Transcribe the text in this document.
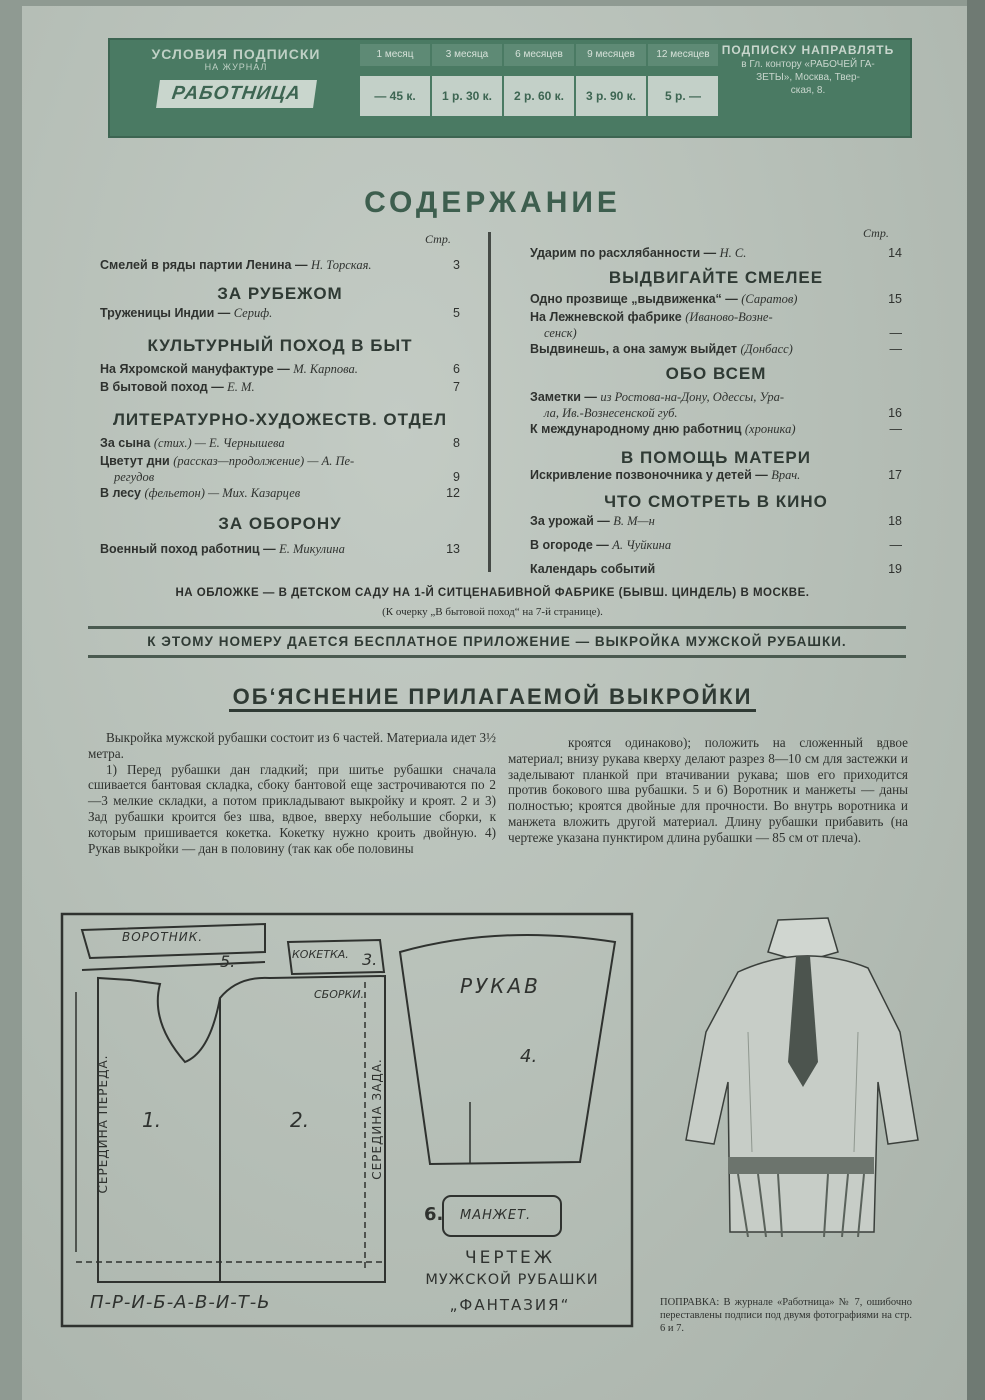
УСЛОВИЯ ПОДПИСКИ
НА ЖУРНАЛ
РАБОТНИЦА
1 месяц	3 месяца	6 месяцев	9 месяцев	12 месяцев
— 45 к.	1 р. 30 к.	2 р. 60 к.	3 р. 90 к.	5 р. —
ПОДПИСКУ НАПРАВЛЯТЬ
в Гл. контору «РАБОЧЕЙ ГА-
ЗЕТЫ», Москва, Твер-
ская, 8.
СОДЕРЖАНИЕ
Стр.
Смелей в ряды партии Ленина — Н. Торская.	3
ЗА РУБЕЖОМ
Труженицы Индии — Сериф.	5
КУЛЬТУРНЫЙ ПОХОД В БЫТ
На Яхромской мануфактуре — М. Карпова.	6
В бытовой поход — Е. М.	7
ЛИТЕРАТУРНО-ХУДОЖЕСТВ. ОТДЕЛ
За сына (стих.) — Е. Чернышева	8
Цветут дни (рассказ—продолжение) — А. Пе-
регудов	9
В лесу (фельетон) — Мих. Казарцев	12
ЗА ОБОРОНУ
Военный поход работниц — Е. Микулина	13
Стр.
Ударим по расхлябанности — Н. С.	14
ВЫДВИГАЙТЕ СМЕЛЕЕ
Одно прозвище „выдвиженка“ — (Саратов)	15
На Лежневской фабрике (Иваново-Возне-
сенск)	—
Выдвинешь, а она замуж выйдет (Донбасс)	—
ОБО ВСЕМ
Заметки — из Ростова-на-Дону, Одессы, Ура-
ла, Ив.-Вознесенской губ.	16
К международному дню работниц (хроника)	—
В ПОМОЩЬ МАТЕРИ
Искривление позвоночника у детей — Врач.	17
ЧТО СМОТРЕТЬ В КИНО
За урожай — В. М—н	18
В огороде — А. Чуйкина	—
Календарь событий	19
НА ОБЛОЖКЕ — В ДЕТСКОМ САДУ НА 1-Й СИТЦЕНАБИВНОЙ ФАБРИКЕ (БЫВШ. ЦИНДЕЛЬ) В МОСКВЕ.
(К очерку „В бытовой поход“ на 7-й странице).
К ЭТОМУ НОМЕРУ ДАЕТСЯ БЕСПЛАТНОЕ ПРИЛОЖЕНИЕ — ВЫКРОЙКА МУЖСКОЙ РУБАШКИ.
ОБ‘ЯСНЕНИЕ ПРИЛАГАЕМОЙ ВЫКРОЙКИ
Выкройка мужской рубашки состоит из 6 частей. Материала идет 3½ метра.
1) Перед рубашки дан гладкий; при шитье рубашки сначала сшивается бантовая складка, сбоку бантовой еще застрочиваются по 2—3 мелкие складки, а потом прикладывают выкройку и кроят. 2 и 3) Зад рубашки кроится без шва, вдвое, вверху небольшие сборки, к которым пришивается кокетка. Кокетку нужно кроить двойную. 4) Рукав выкройки — дан в половину (так как обе половины
кроятся одинаково); положить на сложенный вдвое материал; внизу рукава кверху делают разрез 8—10 см для застежки и заделывают планкой при втачивании рукава; шов его приходится против бокового шва рубашки. 5 и 6) Воротник и манжеты — даны полностью; кроятся двойные для прочности. Во внутрь воротника и манжета вложить другой материал. Длину рубашки прибавить (на чертеже указана пунктиром длина рубашки — 85 см от плеча).
ВОРОТНИК.
5.	КОКЕТКА. 3.
СБОРКИ.	РУКАВ
4.
СЕРЕДИНА ПЕРЕДА.	СЕРЕДИНА ЗАДА.
1.	2.
6. МАНЖЕТ.
П-Р-И-Б-А-В-И-Т-Ь
ЧЕРТЕЖ
МУЖСКОЙ РУБАШКИ
„ФАНТАЗИЯ“	ПОПРАВКА: В журнале «Работница» № 7, ошибочно переставлены подписи под двумя фотографиями на стр. 6 и 7.
